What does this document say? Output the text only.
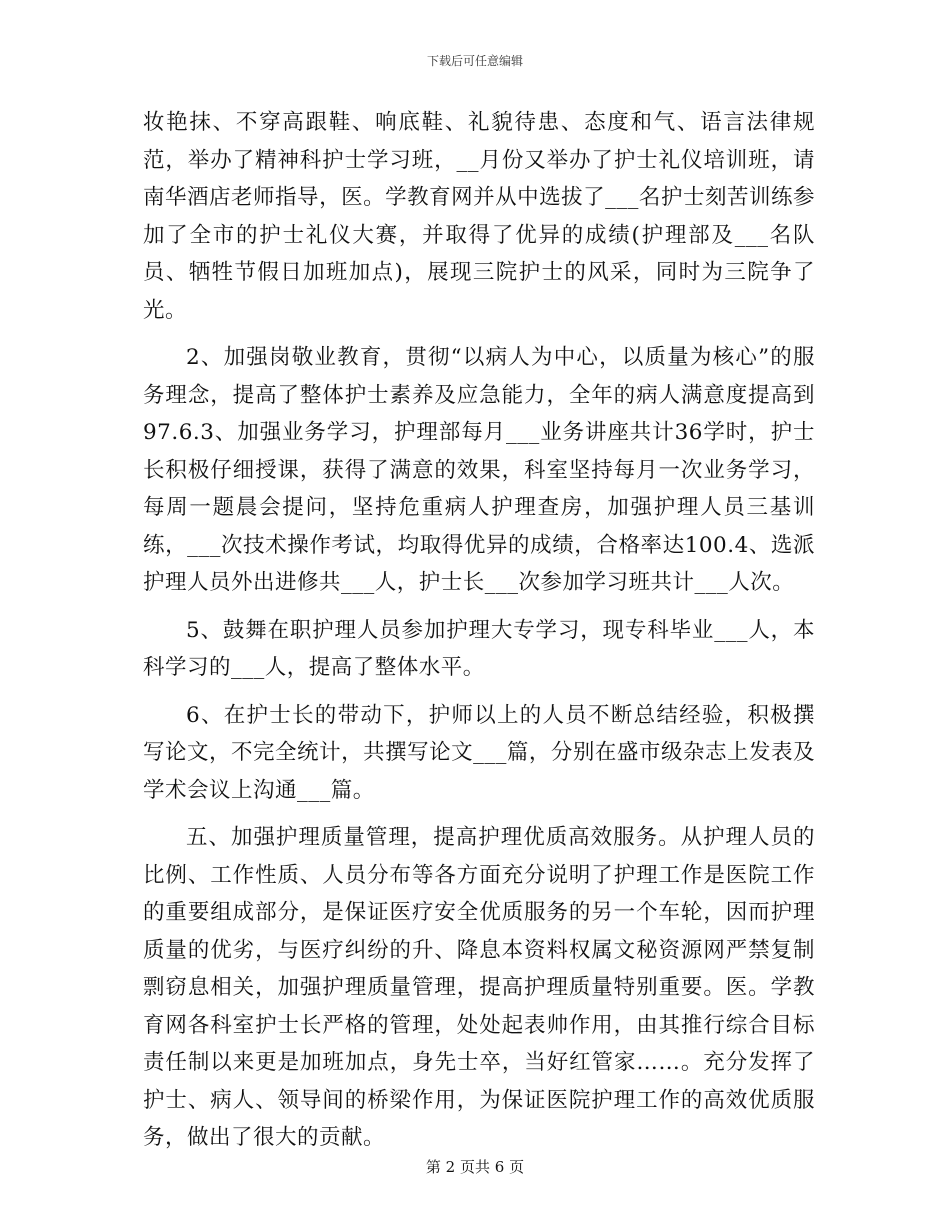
下载后可任意编辑

妆艳抹、不穿高跟鞋、响底鞋、礼貌待患、态度和气、语言法律规范，举办了精神科护士学习班，__月份又举办了护士礼仪培训班，请南华酒店老师指导，医。学教育网并从中选拔了___名护士刻苦训练参加了全市的护士礼仪大赛，并取得了优异的成绩(护理部及___名队员、牺牲节假日加班加点)，展现三院护士的风采，同时为三院争了光。

2、加强岗敬业教育，贯彻“以病人为中心，以质量为核心”的服务理念，提高了整体护士素养及应急能力，全年的病人满意度提高到97.6.3、加强业务学习，护理部每月___业务讲座共计36学时，护士长积极仔细授课，获得了满意的效果，科室坚持每月一次业务学习，每周一题晨会提问，坚持危重病人护理查房，加强护理人员三基训练，___次技术操作考试，均取得优异的成绩，合格率达100.4、选派护理人员外出进修共___人，护士长___次参加学习班共计___人次。

5、鼓舞在职护理人员参加护理大专学习，现专科毕业___人，本科学习的___人，提高了整体水平。

6、在护士长的带动下，护师以上的人员不断总结经验，积极撰写论文，不完全统计，共撰写论文___篇，分别在盛市级杂志上发表及学术会议上沟通___篇。

五、加强护理质量管理，提高护理优质高效服务。从护理人员的比例、工作性质、人员分布等各方面充分说明了护理工作是医院工作的重要组成部分，是保证医疗安全优质服务的另一个车轮，因而护理质量的优劣，与医疗纠纷的升、降息本资料权属文秘资源网严禁复制剽窃息相关，加强护理质量管理，提高护理质量特别重要。医。学教育网各科室护士长严格的管理，处处起表帅作用，由其推行综合目标责任制以来更是加班加点，身先士卒，当好红管家……。充分发挥了护士、病人、领导间的桥梁作用，为保证医院护理工作的高效优质服务，做出了很大的贡献。

第 2 页共 6 页
